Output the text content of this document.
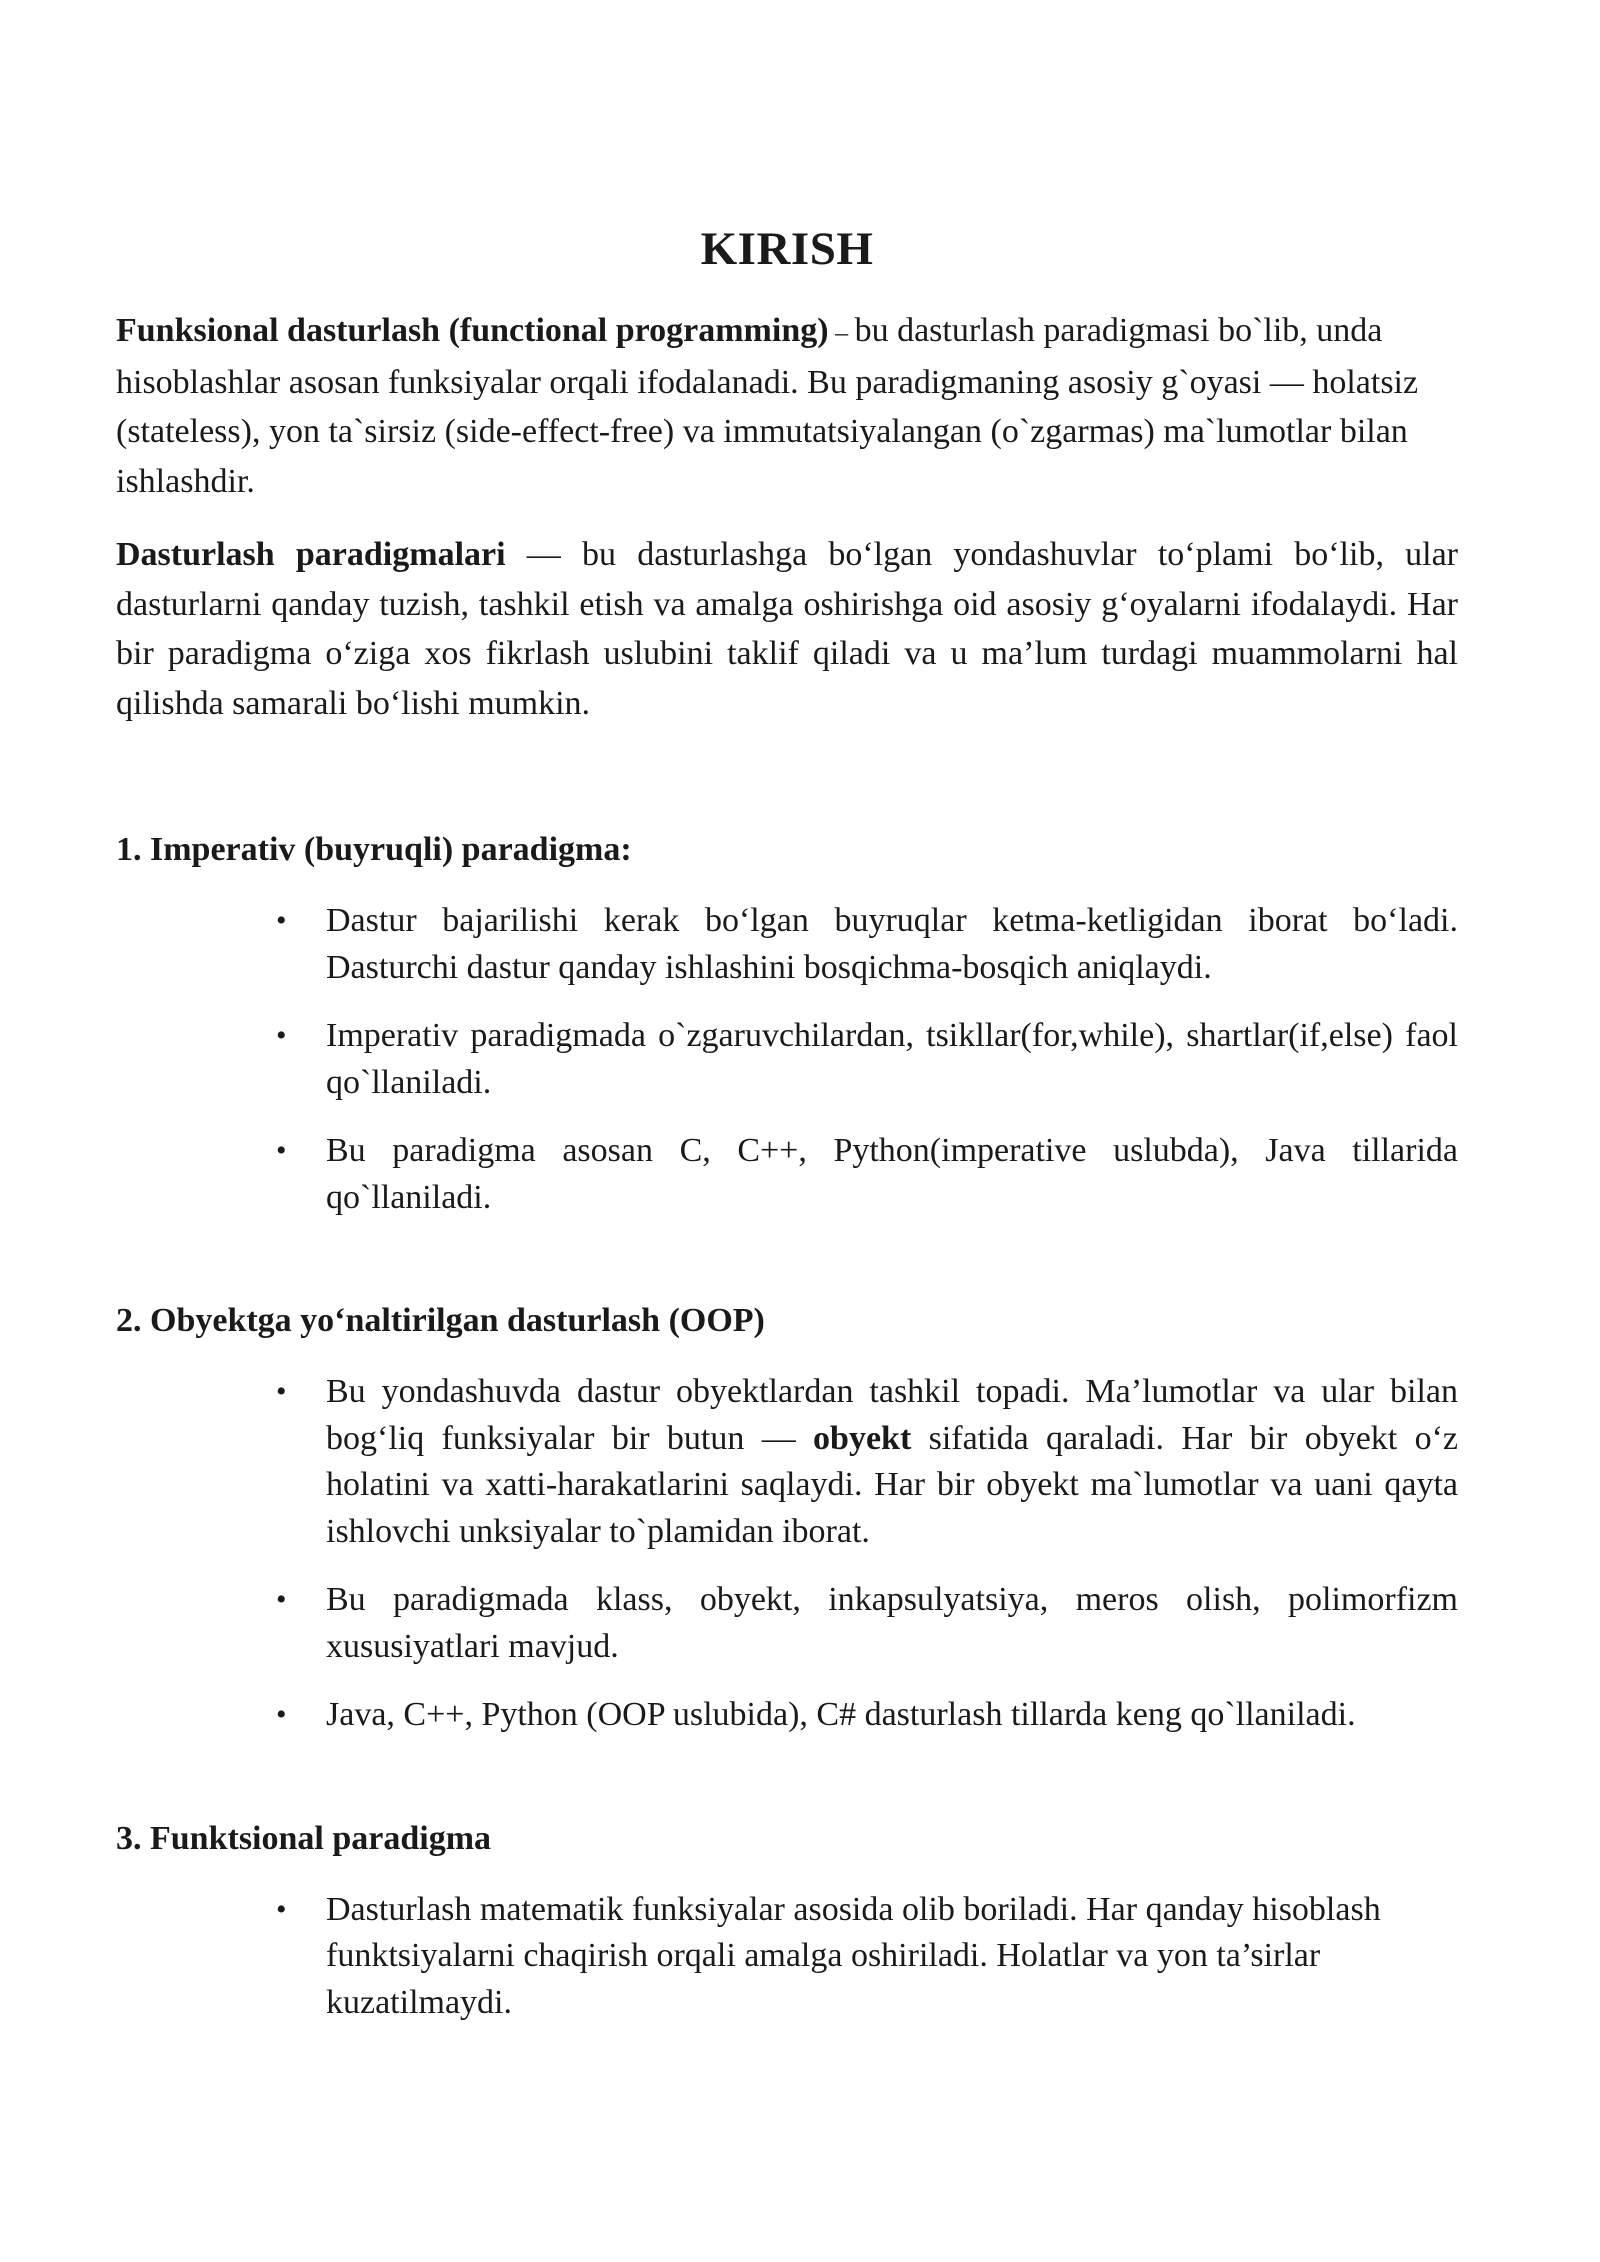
KIRISH

Funksional dasturlash (functional programming) – bu dasturlash paradigmasi bo`lib, unda hisoblashlar asosan funksiyalar orqali ifodalanadi. Bu paradigmaning asosiy g`oyasi — holatsiz (stateless), yon ta`sirsiz (side-effect-free) va immutatsiyalangan (o`zgarmas) ma`lumotlar bilan ishlashdir.

Dasturlash paradigmalari — bu dasturlashga bo‘lgan yondashuvlar to‘plami bo‘lib, ular dasturlarni qanday tuzish, tashkil etish va amalga oshirishga oid asosiy g‘oyalarni ifodalaydi. Har bir paradigma o‘ziga xos fikrlash uslubini taklif qiladi va u ma’lum turdagi muammolarni hal qilishda samarali bo‘lishi mumkin.

1. Imperativ (buyruqli) paradigma:
• Dastur bajarilishi kerak bo‘lgan buyruqlar ketma-ketligidan iborat bo‘ladi. Dasturchi dastur qanday ishlashini bosqichma-bosqich aniqlaydi.
• Imperativ paradigmada o`zgaruvchilardan, tsikllar(for,while), shartlar(if,else) faol qo`llaniladi.
• Bu paradigma asosan C, C++, Python(imperative uslubda), Java tillarida qo`llaniladi.
2. Obyektga yo‘naltirilgan dasturlash (OOP)
• Bu yondashuvda dastur obyektlardan tashkil topadi. Ma’lumotlar va ular bilan bog‘liq funksiyalar bir butun — obyekt sifatida qaraladi. Har bir obyekt o‘z holatini va xatti-harakatlarini saqlaydi. Har bir obyekt ma`lumotlar va uani qayta ishlovchi unksiyalar to`plamidan iborat.
• Bu paradigmada klass, obyekt, inkapsulyatsiya, meros olish, polimorfizm xususiyatlari mavjud.
• Java, C++, Python (OOP uslubida), C# dasturlash tillarda keng qo`llaniladi.
3. Funktsional paradigma
• Dasturlash matematik funksiyalar asosida olib boriladi. Har qanday hisoblash funktsiyalarni chaqirish orqali amalga oshiriladi. Holatlar va yon ta’sirlar kuzatilmaydi.
